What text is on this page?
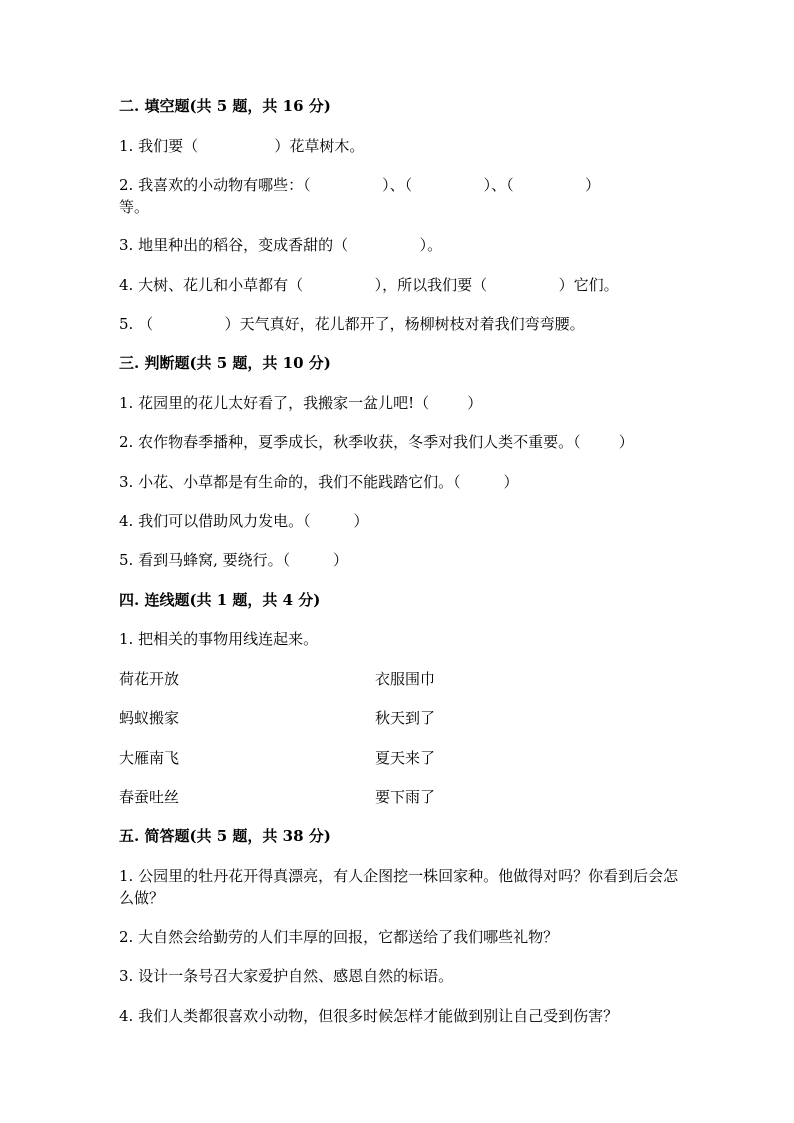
二. 填空题(共 5 题，共 16 分)
1. 我们要（                ）花草树木。
2. 我喜欢的小动物有哪些：（               ）、（               ）、（               ）
等。
3. 地里种出的稻谷，变成香甜的（               ）。
4. 大树、花儿和小草都有（               ），所以我们要（               ）它们。
5. （               ）天气真好，花儿都开了，杨柳树枝对着我们弯弯腰。
三. 判断题(共 5 题，共 10 分)
1. 花园里的花儿太好看了，我搬家一盆儿吧!（        ）
2. 农作物春季播种，夏季成长，秋季收获，冬季对我们人类不重要。（        ）
3. 小花、小草都是有生命的，我们不能践踏它们。（         ）
4. 我们可以借助风力发电。（         ）
5. 看到马蜂窝, 要绕行。（         ）
四. 连线题(共 1 题，共 4 分)
1. 把相关的事物用线连起来。
荷花开放	衣服围巾
蚂蚁搬家	秋天到了
大雁南飞	夏天来了
春蚕吐丝	要下雨了
五. 简答题(共 5 题，共 38 分)
1. 公园里的牡丹花开得真漂亮，有人企图挖一株回家种。他做得对吗？你看到后会怎么做？
2. 大自然会给勤劳的人们丰厚的回报，它都送给了我们哪些礼物？
3. 设计一条号召大家爱护自然、感恩自然的标语。
4. 我们人类都很喜欢小动物，但很多时候怎样才能做到别让自己受到伤害？
